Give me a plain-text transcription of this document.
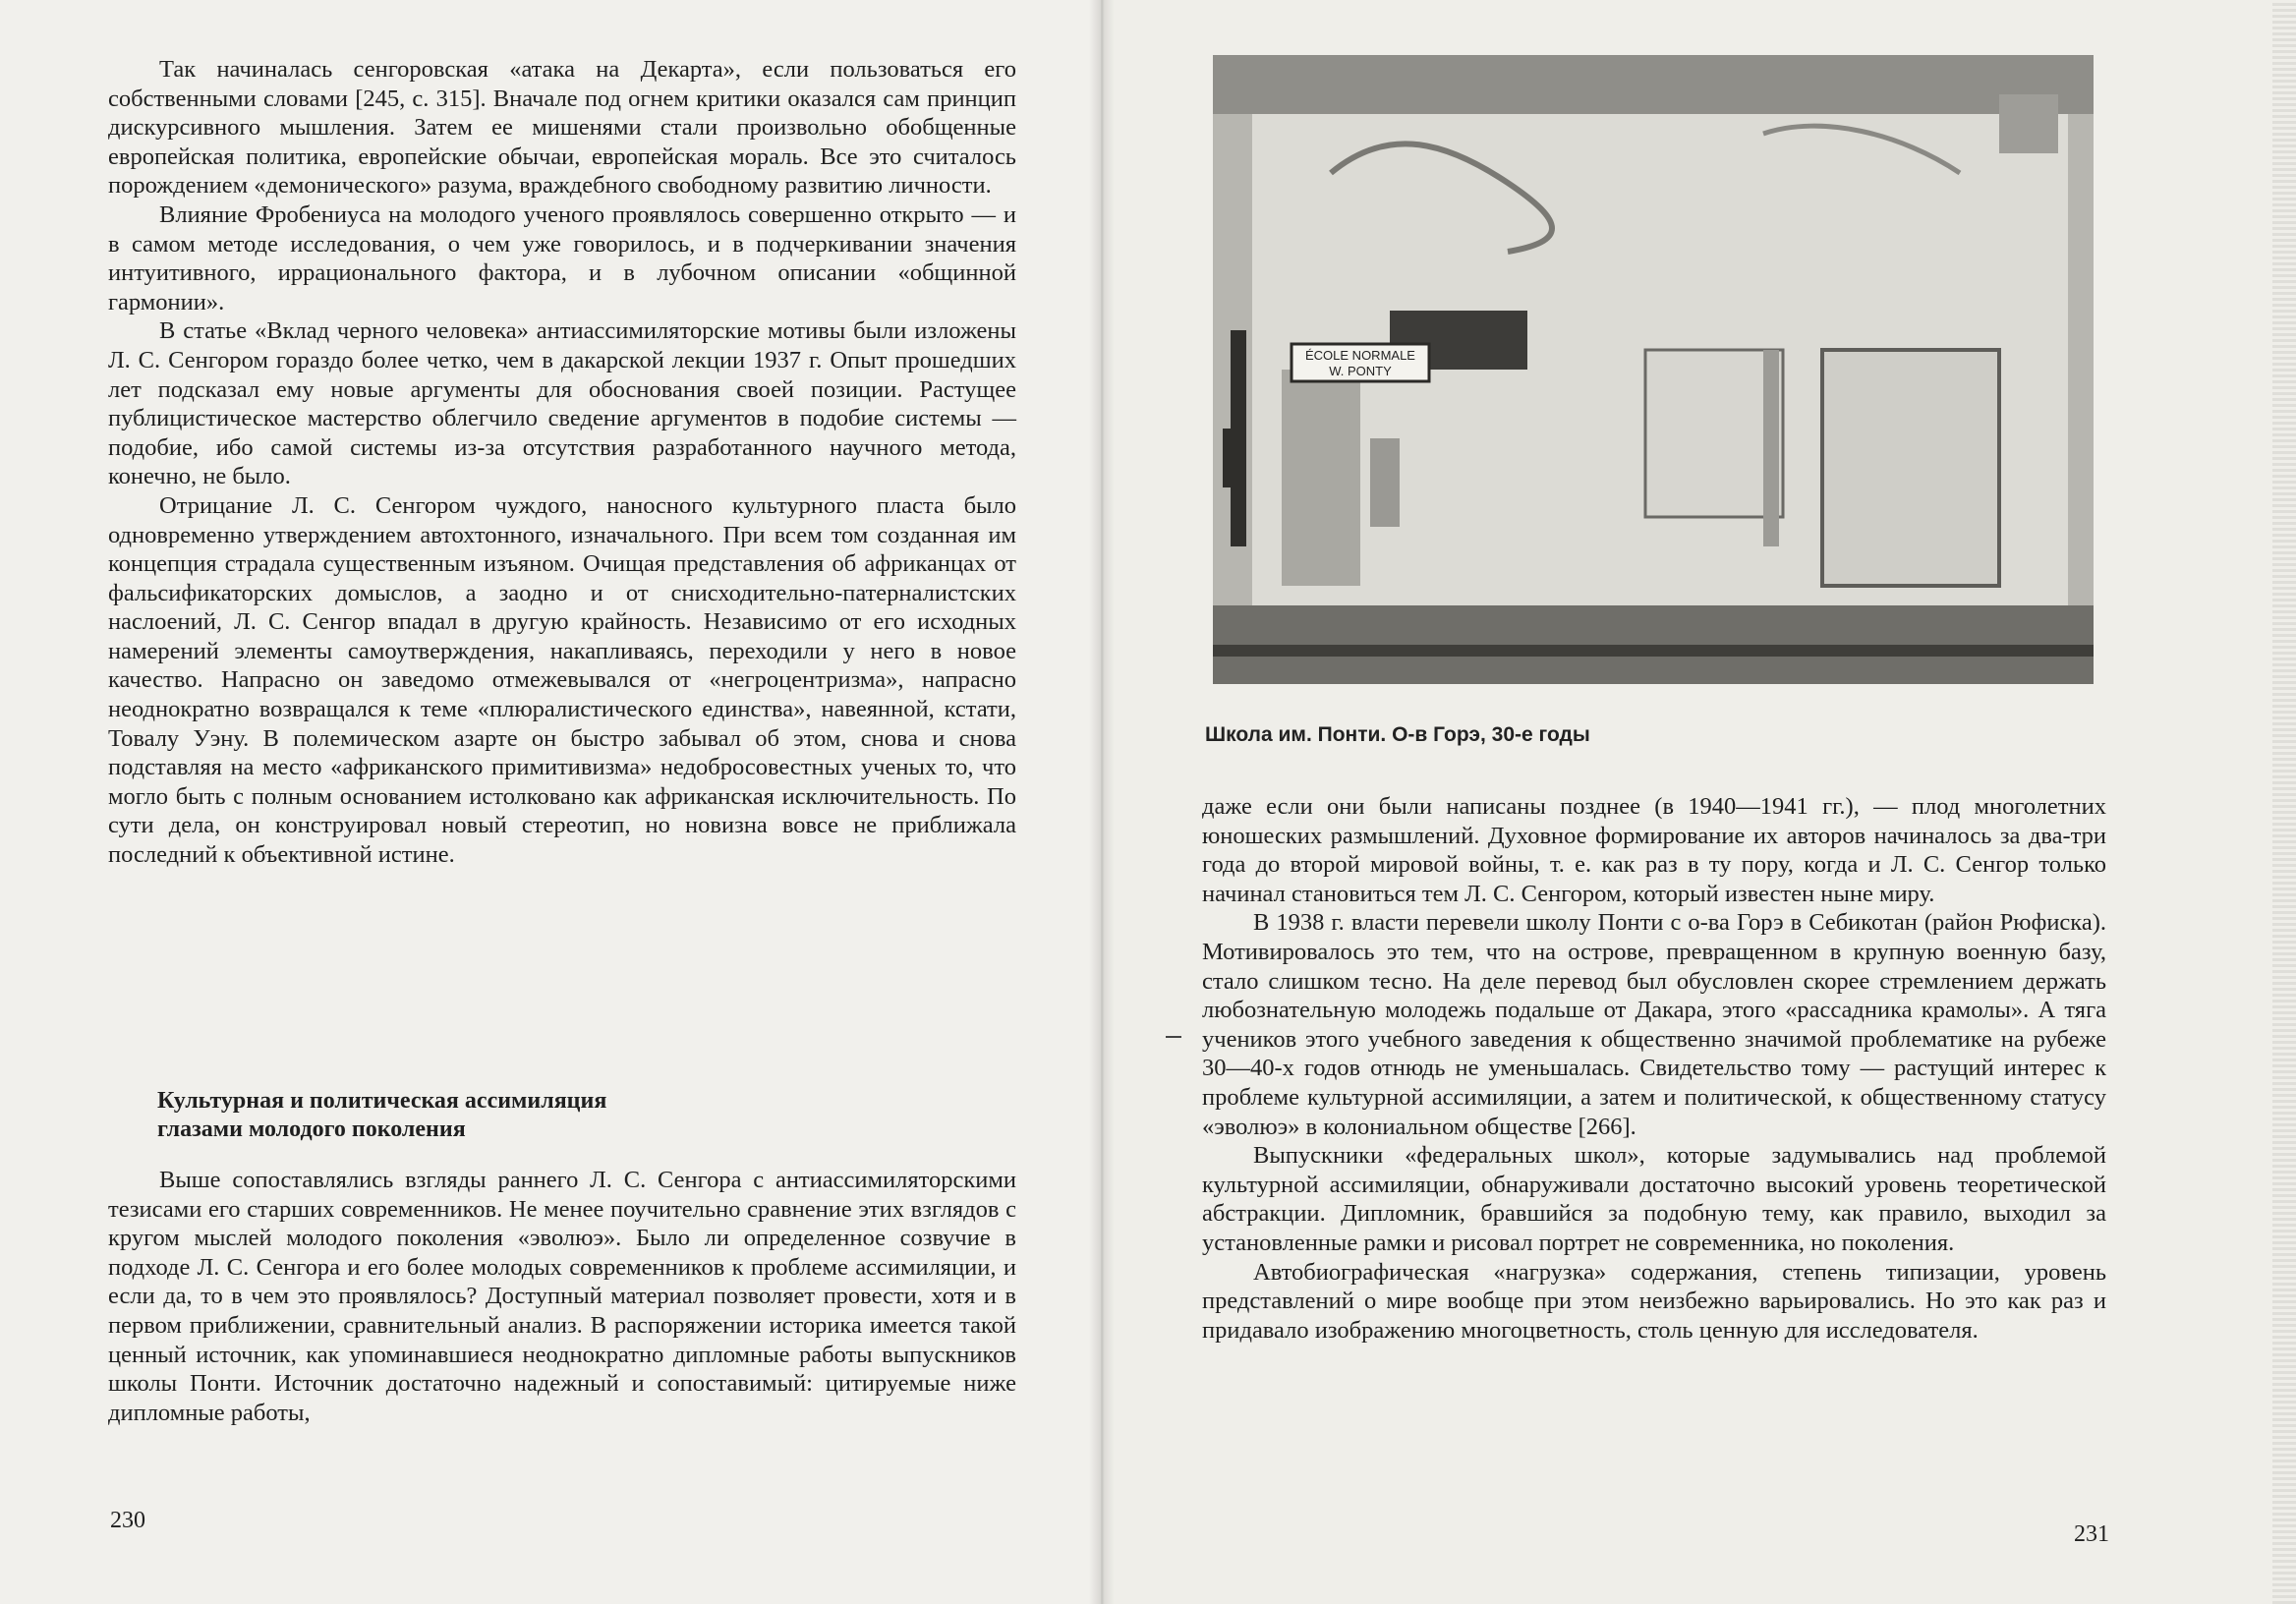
Так начиналась сенгоровская «атака на Декарта», если пользоваться его собственными словами [245, с. 315]. Вначале под огнем критики оказался сам принцип дискурсивного мышления. Затем ее мишенями стали произвольно обобщенные европейская политика, европейские обычаи, европейская мораль. Все это считалось порождением «демонического» разума, враждебного свободному развитию личности.

Влияние Фробениуса на молодого ученого проявлялось совершенно открыто — и в самом методе исследования, о чем уже говорилось, и в подчеркивании значения интуитивного, иррационального фактора, и в лубочном описании «общинной гармонии».

В статье «Вклад черного человека» антиассимиляторские мотивы были изложены Л. С. Сенгором гораздо более четко, чем в дакарской лекции 1937 г. Опыт прошедших лет подсказал ему новые аргументы для обоснования своей позиции. Растущее публицистическое мастерство облегчило сведение аргументов в подобие системы — подобие, ибо самой системы из-за отсутствия разработанного научного метода, конечно, не было.

Отрицание Л. С. Сенгором чуждого, наносного культурного пласта было одновременно утверждением автохтонного, изначального. При всем том созданная им концепция страдала существенным изъяном. Очищая представления об африканцах от фальсификаторских домыслов, а заодно и от снисходительно-патерналистских наслоений, Л. С. Сенгор впадал в другую крайность. Независимо от его исходных намерений элементы самоутверждения, накапливаясь, переходили у него в новое качество. Напрасно он заведомо отмежевывался от «негроцентризма», напрасно неоднократно возвращался к теме «плюралистического единства», навеянной, кстати, Товалу Уэну. В полемическом азарте он быстро забывал об этом, снова и снова подставляя на место «африканского примитивизма» недобросовестных ученых то, что могло быть с полным основанием истолковано как африканская исключительность. По сути дела, он конструировал новый стереотип, но новизна вовсе не приближала последний к объективной истине.

Культурная и политическая ассимиляция
глазами молодого поколения

Выше сопоставлялись взгляды раннего Л. С. Сенгора с антиассимиляторскими тезисами его старших современников. Не менее поучительно сравнение этих взглядов с кругом мыслей молодого поколения «эволюэ». Было ли определенное созвучие в подходе Л. С. Сенгора и его более молодых современников к проблеме ассимиляции, и если да, то в чем это проявлялось? Доступный материал позволяет провести, хотя и в первом приближении, сравнительный анализ. В распоряжении историка имеется такой ценный источник, как упоминавшиеся неоднократно дипломные работы выпускников школы Понти. Источник достаточно надежный и сопоставимый: цитируемые ниже дипломные работы,

230
ÉCOLE NORMALE
W. PONTY
Школа им. Понти. О-в Горэ, 30-е годы

даже если они были написаны позднее (в 1940—1941 гг.), — плод многолетних юношеских размышлений. Духовное формирование их авторов начиналось за два-три года до второй мировой войны, т. е. как раз в ту пору, когда и Л. С. Сенгор только начинал становиться тем Л. С. Сенгором, который известен ныне миру.

В 1938 г. власти перевели школу Понти с о-ва Горэ в Себикотан (район Рюфиска). Мотивировалось это тем, что на острове, превращенном в крупную военную базу, стало слишком тесно. На деле перевод был обусловлен скорее стремлением держать любознательную молодежь подальше от Дакара, этого «рассадника крамолы». А тяга учеников этого учебного заведения к общественно значимой проблематике на рубеже 30—40-х годов отнюдь не уменьшалась. Свидетельство тому — растущий интерес к проблеме культурной ассимиляции, а затем и политической, к общественному статусу «эволюэ» в колониальном обществе [266].

Выпускники «федеральных школ», которые задумывались над проблемой культурной ассимиляции, обнаруживали достаточно высокий уровень теоретической абстракции. Дипломник, бравшийся за подобную тему, как правило, выходил за установленные рамки и рисовал портрет не современника, но поколения.

Автобиографическая «нагрузка» содержания, степень типизации, уровень представлений о мире вообще при этом неизбежно варьировались. Но это как раз и придавало изображению многоцветность, столь ценную для исследователя.

231
